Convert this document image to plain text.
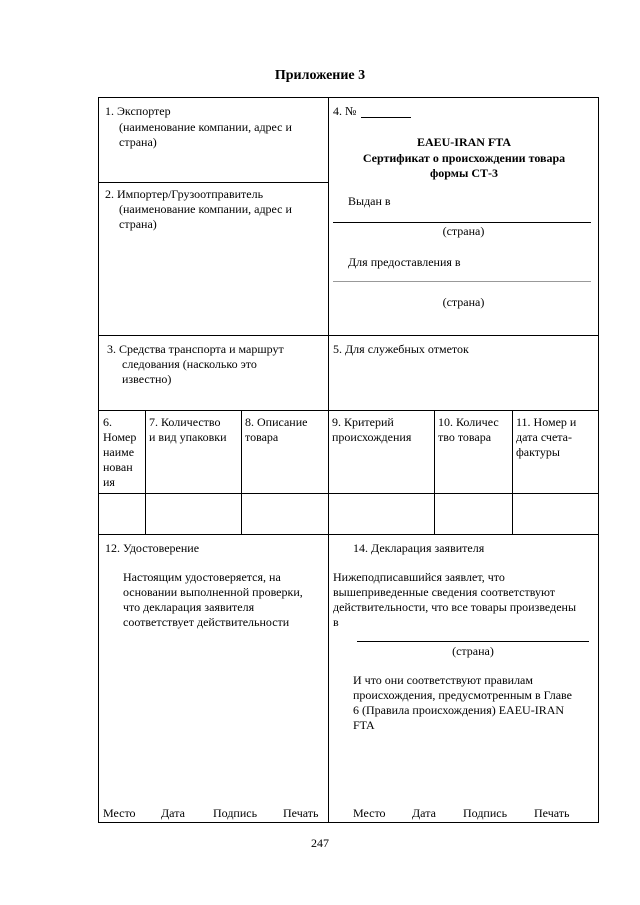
Приложение 3
1. Экспортер
(наименование компании, адрес и
страна)
2. Импортер/Грузоотправитель
(наименование компании, адрес и
страна)
4. №
EAEU-IRAN FTA
Сертификат о происхождении товара
формы СТ-3
Выдан в
(страна)
Для предоставления в
(страна)
3. Средства транспорта и маршрут
следования (насколько это
известно)
5. Для служебных отметок
6.
Номер
наиме
нован
ия
7. Количество
и вид упаковки
8. Описание
товара
9. Критерий
происхождения
10. Количес
тво товара
11. Номер и
дата счета-
фактуры
12. Удостоверение
Настоящим удостоверяется, на
основании выполненной проверки,
что декларация заявителя
соответствует действительности
Место Дата Подпись Печать
14. Декларация заявителя
Нижеподписавшийся заявлет, что
вышеприведенные сведения соответствуют
действительности, что все товары произведены
в
(страна)
И что они соответствуют правилам
происхождения, предусмотренным в Главе
6 (Правила происхождения) EAEU-IRAN
FTA
Место Дата Подпись Печать
247
